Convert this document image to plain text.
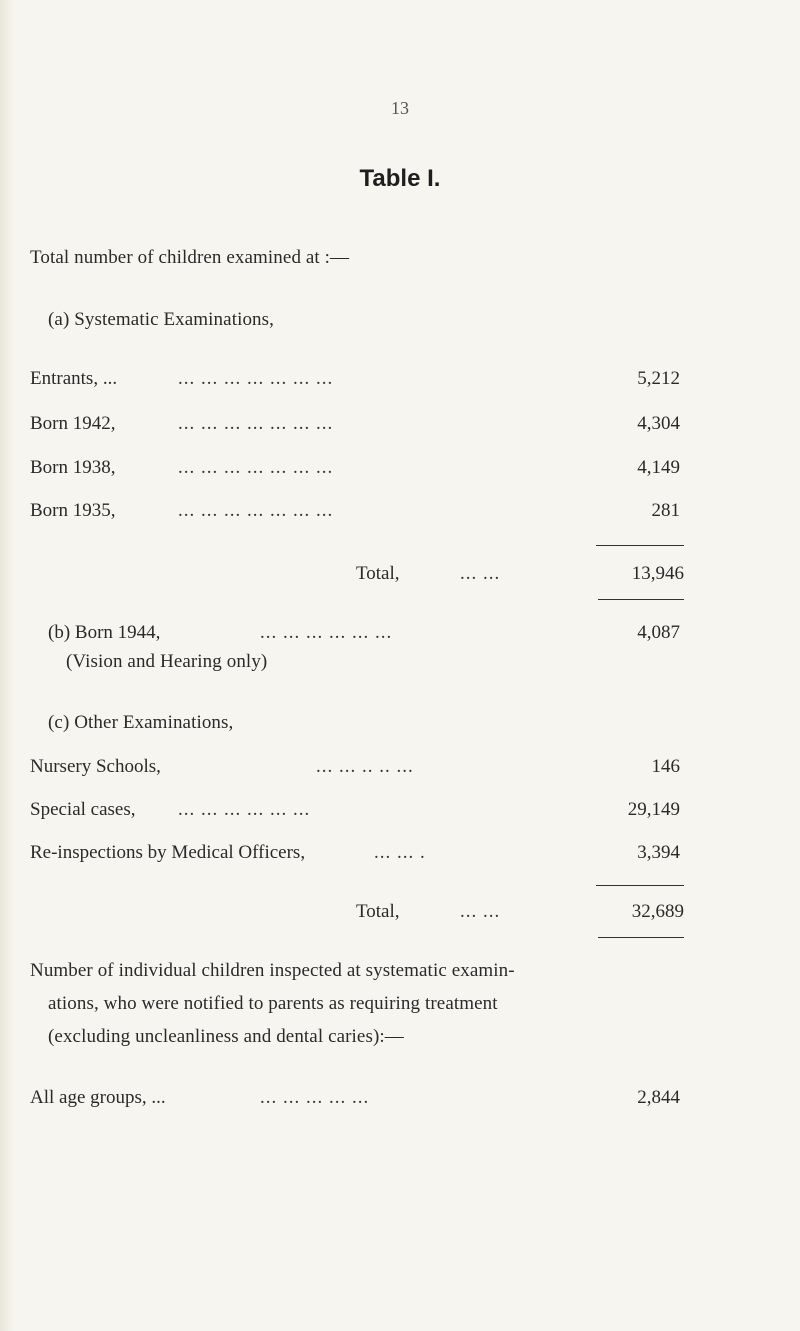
13
Table I.
Total number of children examined at :—
(a) Systematic Examinations,
Entrants, ...	... ... ... ... ... ... ...	5,212
Born 1942,	... ... ... ... ... ... ...	4,304
Born 1938,	... ... ... ... ... ... ...	4,149
Born 1935,	... ... ... ... ... ... ...	281
Total,	... ...	13,946
(b) Born 1944,	... ... ... ... ... ...	4,087
(Vision and Hearing only)
(c) Other Examinations,
Nursery Schools,	... ... .. .. ...	146
Special cases, ... ... ... ... ... ...	29,149
Re-inspections by Medical Officers,	... ... .	3,394
Total,	... ...	32,689
Number of individual children inspected at systematic examin-
ations, who were notified to parents as requiring treatment
(excluding uncleanliness and dental caries):—
All age groups, ...	... ... ... ... ...	2,844
